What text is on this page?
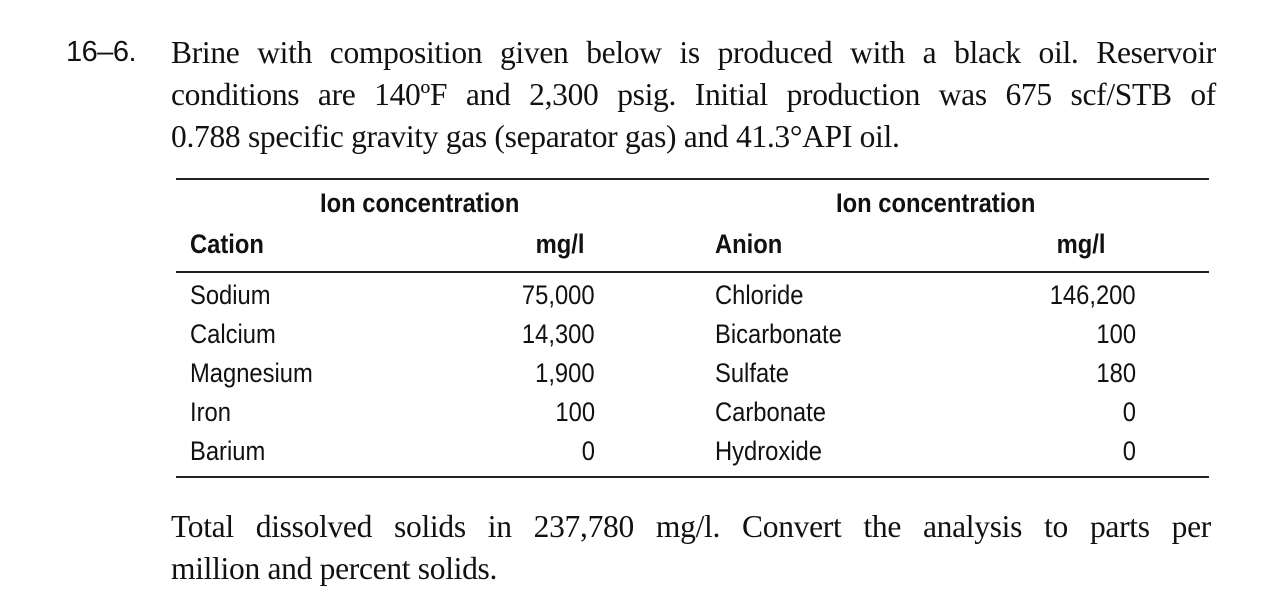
16–6. Brine with composition given below is produced with a black oil. Reservoir
conditions are 140ºF and 2,300 psig. Initial production was 675 scf/STB of
0.788 specific gravity gas (separator gas) and 41.3°API oil.
Ion concentration	Ion concentration
Cation	mg/l	Anion	mg/l
Sodium	75,000	Chloride	146,200
Calcium	14,300	Bicarbonate	100
Magnesium	1,900	Sulfate	180
Iron	100	Carbonate	0
Barium	0	Hydroxide	0
Total dissolved solids in 237,780 mg/l. Convert the analysis to parts per
million and percent solids.
